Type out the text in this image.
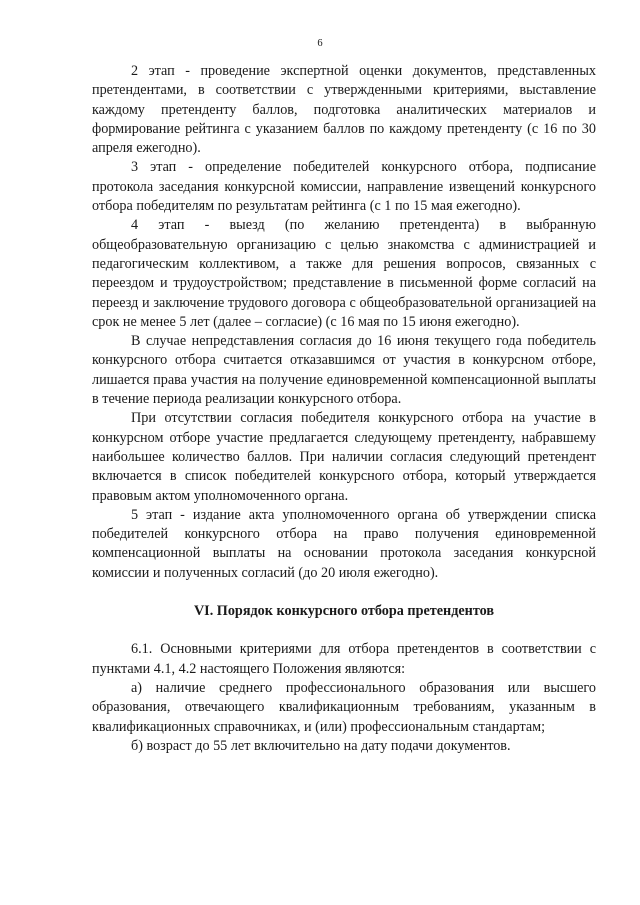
6

2 этап - проведение экспертной оценки документов, представленных претендентами, в соответствии с утвержденными критериями, выставление каждому претенденту баллов, подготовка аналитических материалов и формирование рейтинга с указанием баллов по каждому претенденту (с 16 по 30 апреля ежегодно).

3 этап - определение победителей конкурсного отбора, подписание протокола заседания конкурсной комиссии, направление извещений конкурсного отбора победителям по результатам рейтинга (с 1 по 15 мая ежегодно).

4 этап - выезд (по желанию претендента) в выбранную общеобразовательную организацию с целью знакомства с администрацией и педагогическим коллективом, а также для решения вопросов, связанных с переездом и трудоустройством; представление в письменной форме согласий на переезд и заключение трудового договора с общеобразовательной организацией на срок не менее 5 лет (далее – согласие) (с 16 мая по 15 июня ежегодно).

В случае непредставления согласия до 16 июня текущего года победитель конкурсного отбора считается отказавшимся от участия в конкурсном отборе, лишается права участия на получение единовременной компенсационной выплаты в течение периода реализации конкурсного отбора.

При отсутствии согласия победителя конкурсного отбора на участие в конкурсном отборе участие предлагается следующему претенденту, набравшему наибольшее количество баллов. При наличии согласия следующий претендент включается в список победителей конкурсного отбора, который утверждается правовым актом уполномоченного органа.

5 этап - издание акта уполномоченного органа об утверждении списка победителей конкурсного отбора на право получения единовременной компенсационной выплаты на основании протокола заседания конкурсной комиссии и полученных согласий (до 20 июля ежегодно).

VI. Порядок конкурсного отбора претендентов

6.1. Основными критериями для отбора претендентов в соответствии с пунктами 4.1, 4.2 настоящего Положения являются:

а) наличие среднего профессионального образования или высшего образования, отвечающего квалификационным требованиям, указанным в квалификационных справочниках, и (или) профессиональным стандартам;

б) возраст до 55 лет включительно на дату подачи документов.
